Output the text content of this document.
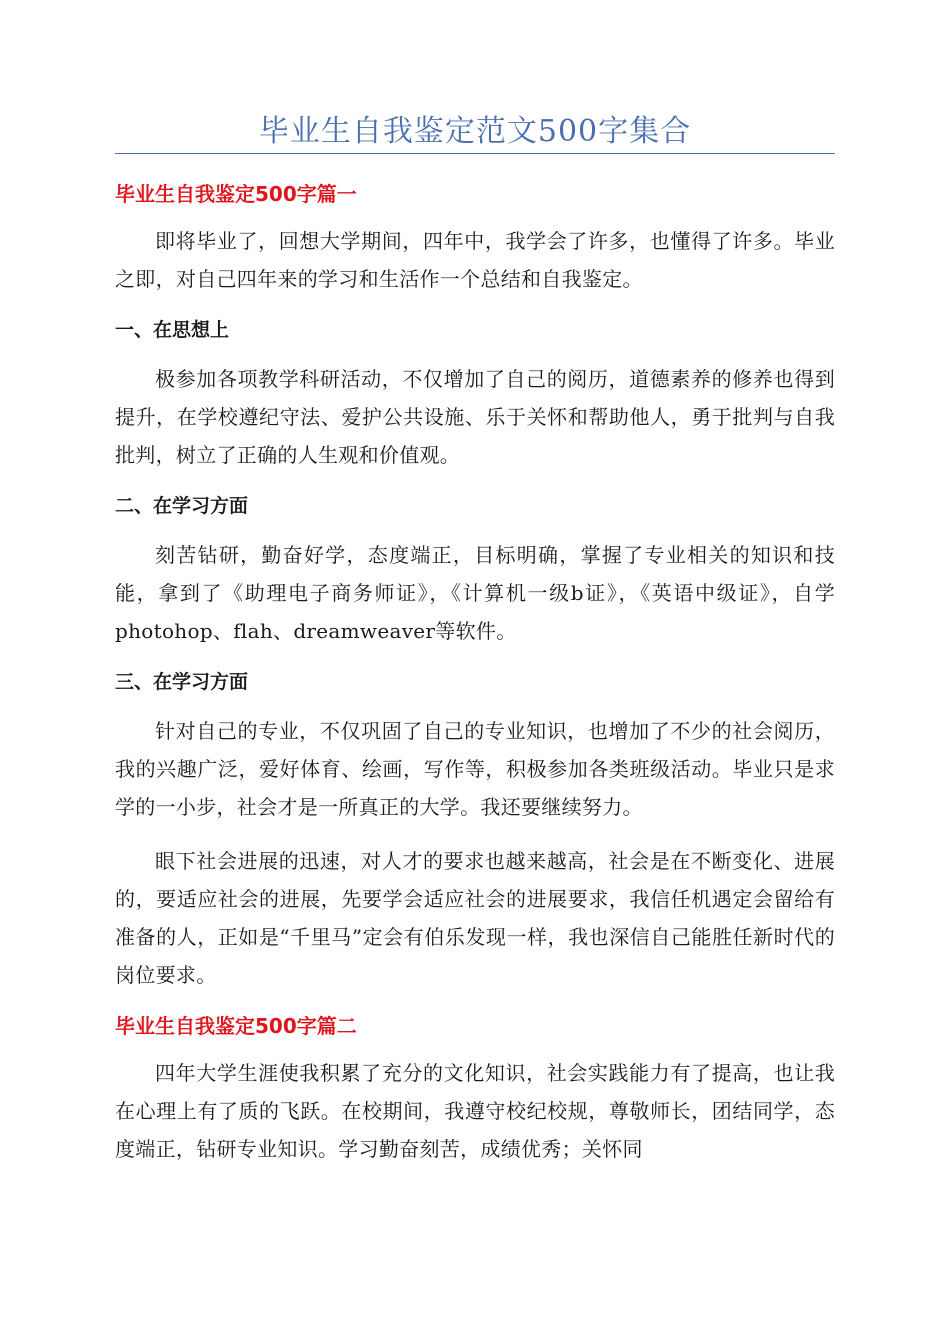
毕业生自我鉴定范文500字集合
毕业生自我鉴定500字篇一

即将毕业了，回想大学期间，四年中，我学会了许多，也懂得了许多。毕业之即，对自己四年来的学习和生活作一个总结和自我鉴定。

一、在思想上

极参加各项教学科研活动，不仅增加了自己的阅历，道德素养的修养也得到提升，在学校遵纪守法、爱护公共设施、乐于关怀和帮助他人，勇于批判与自我批判，树立了正确的人生观和价值观。

二、在学习方面

刻苦钻研，勤奋好学，态度端正，目标明确，掌握了专业相关的知识和技能，拿到了《助理电子商务师证》，《计算机一级b证》，《英语中级证》，自学photohop、flah、dreamweaver等软件。

三、在学习方面

针对自己的专业，不仅巩固了自己的专业知识，也增加了不少的社会阅历，我的兴趣广泛，爱好体育、绘画，写作等，积极参加各类班级活动。毕业只是求学的一小步，社会才是一所真正的大学。我还要继续努力。

眼下社会进展的迅速，对人才的要求也越来越高，社会是在不断变化、进展的，要适应社会的进展，先要学会适应社会的进展要求，我信任机遇定会留给有准备的人，正如是“千里马”定会有伯乐发现一样，我也深信自己能胜任新时代的岗位要求。

毕业生自我鉴定500字篇二

四年大学生涯使我积累了充分的文化知识，社会实践能力有了提高，也让我在心理上有了质的飞跃。在校期间，我遵守校纪校规，尊敬师长，团结同学，态度端正，钻研专业知识。学习勤奋刻苦，成绩优秀；关怀同
